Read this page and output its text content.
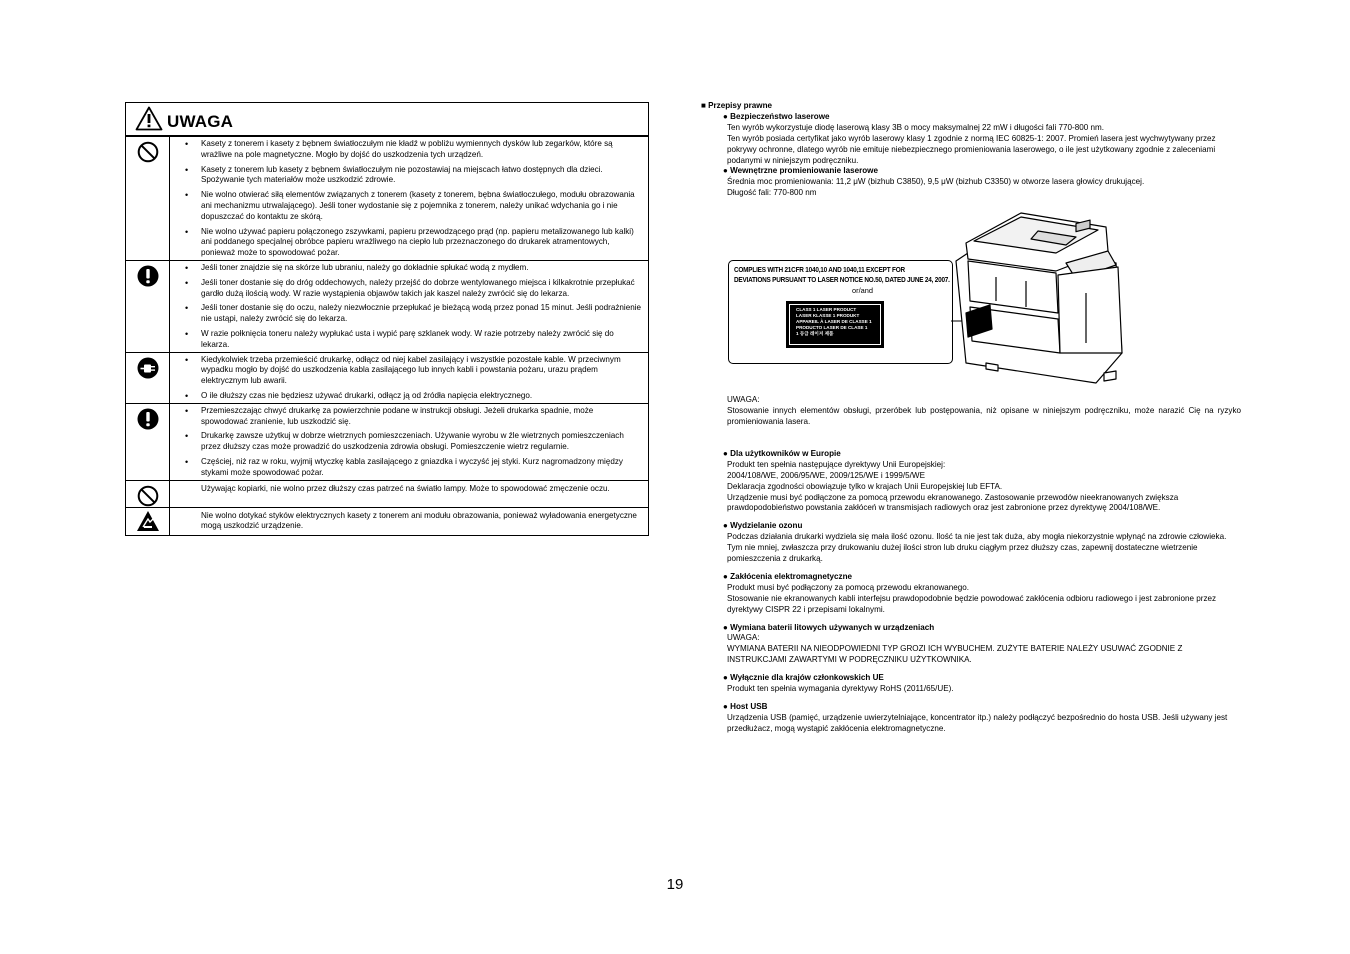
UWAGA
• Kasety z tonerem i kasety z bębnem światłoczułym nie kładź w pobliżu wymiennych dysków lub zegarków, które są wrażliwe na pole magnetyczne. Mogło by dojść do uszkodzenia tych urządzeń.
• Kasety z tonerem lub kasety z bębnem światłoczułym nie pozostawiaj na miejscach łatwo dostępnych dla dzieci. Spożywanie tych materiałów może uszkodzić zdrowie.
• Nie wolno otwierać siłą elementów związanych z tonerem (kasety z tonerem, bębna światłoczułego, modułu obrazowania ani mechanizmu utrwalającego). Jeśli toner wydostanie się z pojemnika z tonerem, należy unikać wdychania go i nie dopuszczać do kontaktu ze skórą.
• Nie wolno używać papieru połączonego zszywkami, papieru przewodzącego prąd (np. papieru metalizowanego lub kalki) ani poddanego specjalnej obróbce papieru wrażliwego na ciepło lub przeznaczonego do drukarek atramentowych, ponieważ może to spowodować pożar.
• Jeśli toner znajdzie się na skórze lub ubraniu, należy go dokładnie spłukać wodą z mydłem.
• Jeśli toner dostanie się do dróg oddechowych, należy przejść do dobrze wentylowanego miejsca i kilkakrotnie przepłukać gardło dużą ilością wody. W razie wystąpienia objawów takich jak kaszel należy zwrócić się do lekarza.
• Jeśli toner dostanie się do oczu, należy niezwłocznie przepłukać je bieżącą wodą przez ponad 15 minut. Jeśli podrażnienie nie ustąpi, należy zwrócić się do lekarza.
• W razie połknięcia toneru należy wypłukać usta i wypić parę szklanek wody. W razie potrzeby należy zwrócić się do lekarza.
• Kiedykolwiek trzeba przemieścić drukarkę, odłącz od niej kabel zasilający i wszystkie pozostałe kable. W przeciwnym wypadku mogło by dojść do uszkodzenia kabla zasilającego lub innych kabli i powstania pożaru, urazu prądem elektrycznym lub awarii.
• O ile dłuższy czas nie będziesz używać drukarki, odłącz ją od źródła napięcia elektrycznego.
• Przemieszczając chwyć drukarkę za powierzchnie podane w instrukcji obsługi. Jeżeli drukarka spadnie, może spowodować zranienie, lub uszkodzić się.
• Drukarkę zawsze użytkuj w dobrze wietrznych pomieszczeniach. Używanie wyrobu w źle wietrznych pomieszczeniach przez dłuższy czas może prowadzić do uszkodzenia zdrowia obsługi. Pomieszczenie wietrz regularnie.
• Częściej, niż raz w roku, wyjmij wtyczkę kabla zasilającego z gniazdka i wyczyść jej styki. Kurz nagromadzony między stykami może spowodować pożar.

Używając kopiarki, nie wolno przez dłuższy czas patrzeć na światło lampy. Może to spowodować zmęczenie oczu.

Nie wolno dotykać styków elektrycznych kasety z tonerem ani modułu obrazowania, ponieważ wyładowania energetyczne mogą uszkodzić urządzenie.

■ Przepisy prawne
● Bezpieczeństwo laserowe

Ten wyrób wykorzystuje diodę laserową klasy 3B o mocy maksymalnej 22 mW i długości fali 770-800 nm.

Ten wyrób posiada certyfikat jako wyrób laserowy klasy 1 zgodnie z normą IEC 60825-1: 2007. Promień lasera jest wychwytywany przez pokrywy ochronne, dlatego wyrób nie emituje niebezpiecznego promieniowania laserowego, o ile jest użytkowany zgodnie z zaleceniami podanymi w niniejszym podręczniku.

● Wewnętrzne promieniowanie laserowe

Średnia moc promieniowania: 11,2 μW (bizhub C3850), 9,5 μW (bizhub C3350) w otworze lasera głowicy drukującej.

Długość fali: 770-800 nm

COMPLIES WITH 21CFR 1040,10 AND 1040,11 EXCEPT FOR
DEVIATIONS PURSUANT TO LASER NOTICE NO.50, DATED JUNE 24, 2007.
or/and
CLASS 1 LASER PRODUCT
LASER KLASSE 1 PRODUKT
APPAREIL À LASER DE CLASSE 1
PRODUCTO LASER DE CLASE 1
1 등급 레이저 제품

UWAGA:

Stosowanie innych elementów obsługi, przeróbek lub postępowania, niż opisane w niniejszym podręczniku, może narazić Cię na ryzyko promieniowania lasera.

● Dla użytkowników w Europie

Produkt ten spełnia następujące dyrektywy Unii Europejskiej:

2004/108/WE, 2006/95/WE, 2009/125/WE i 1999/5/WE

Deklaracja zgodności obowiązuje tylko w krajach Unii Europejskiej lub EFTA.

Urządzenie musi być podłączone za pomocą przewodu ekranowanego. Zastosowanie przewodów nieekranowanych zwiększa prawdopodobieństwo powstania zakłóceń w transmisjach radiowych oraz jest zabronione przez dyrektywę 2004/108/WE.

● Wydzielanie ozonu

Podczas działania drukarki wydziela się mała ilość ozonu. Ilość ta nie jest tak duża, aby mogła niekorzystnie wpłynąć na zdrowie człowieka. Tym nie mniej, zwłaszcza przy drukowaniu dużej ilości stron lub druku ciągłym przez dłuższy czas, zapewnij dostateczne wietrzenie pomieszczenia z drukarką.

● Zakłócenia elektromagnetyczne

Produkt musi być podłączony za pomocą przewodu ekranowanego.

Stosowanie nie ekranowanych kabli interfejsu prawdopodobnie będzie powodować zakłócenia odbioru radiowego i jest zabronione przez dyrektywy CISPR 22 i przepisami lokalnymi.

● Wymiana baterii litowych używanych w urządzeniach

UWAGA:

WYMIANA BATERII NA NIEODPOWIEDNI TYP GROZI ICH WYBUCHEM. ZUŻYTE BATERIE NALEŻY USUWAĆ ZGODNIE Z INSTRUKCJAMI ZAWARTYMI W PODRĘCZNIKU UŻYTKOWNIKA.

● Wyłącznie dla krajów członkowskich UE

Produkt ten spełnia wymagania dyrektywy RoHS (2011/65/UE).

● Host USB

Urządzenia USB (pamięć, urządzenie uwierzytelniające, koncentrator itp.) należy podłączyć bezpośrednio do hosta USB. Jeśli używany jest przedłużacz, mogą wystąpić zakłócenia elektromagnetyczne.

19
